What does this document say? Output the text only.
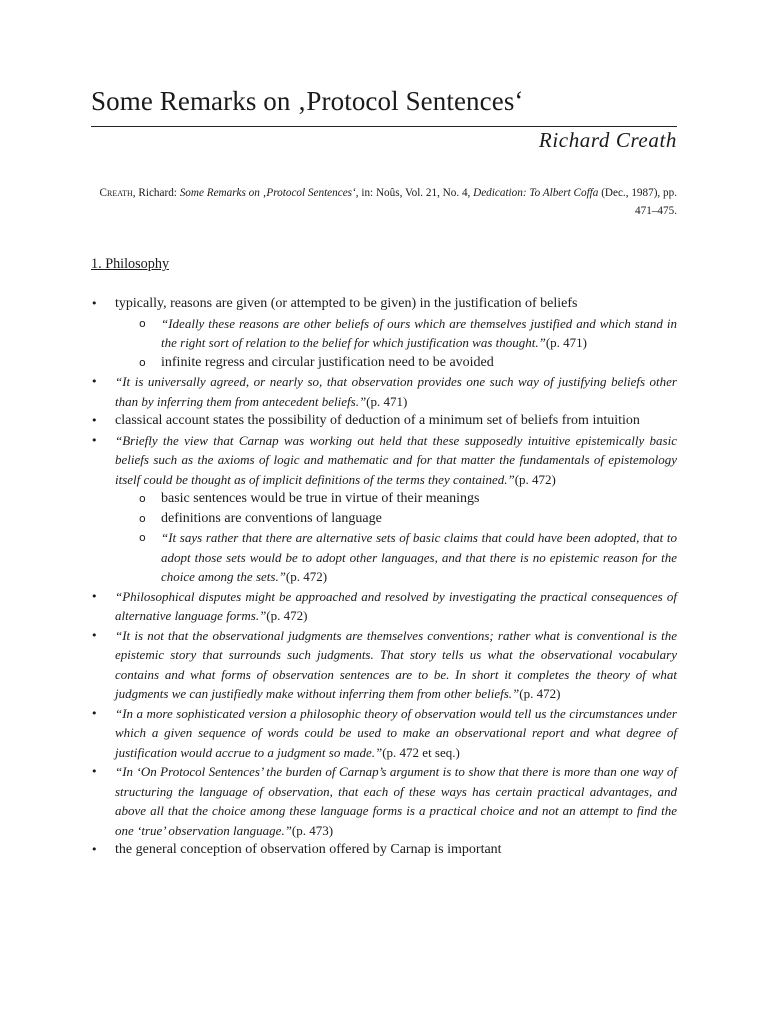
Some Remarks on ‚Protocol Sentences‘
Richard Creath
Creath, Richard: Some Remarks on ‚Protocol Sentences‘, in: Noûs, Vol. 21, No. 4, Dedication: To Albert Coffa (Dec., 1987), pp. 471–475.
1. Philosophy
• typically, reasons are given (or attempted to be given) in the justification of beliefs
o “Ideally these reasons are other beliefs of ours which are themselves justified and which stand in the right sort of relation to the belief for which justification was thought.”(p. 471)
o infinite regress and circular justification need to be avoided
• “It is universally agreed, or nearly so, that observation provides one such way of justifying beliefs other than by inferring them from antecedent beliefs.”(p. 471)
• classical account states the possibility of deduction of a minimum set of beliefs from intuition
• “Briefly the view that Carnap was working out held that these supposedly intuitive epistemically basic beliefs such as the axioms of logic and mathematic and for that matter the fundamentals of epistemology itself could be thought as of implicit definitions of the terms they contained.”(p. 472)
o basic sentences would be true in virtue of their meanings
o definitions are conventions of language
o “It says rather that there are alternative sets of basic claims that could have been adopted, that to adopt those sets would be to adopt other languages, and that there is no epistemic reason for the choice among the sets.”(p. 472)
• “Philosophical disputes might be approached and resolved by investigating the practical consequences of alternative language forms.”(p. 472)
• “It is not that the observational judgments are themselves conventions; rather what is conventional is the epistemic story that surrounds such judgments. That story tells us what the observational vocabulary contains and what forms of observation sentences are to be. In short it completes the theory of what judgments we can justifiedly make without inferring them from other beliefs.”(p. 472)
• “In a more sophisticated version a philosophic theory of observation would tell us the circumstances under which a given sequence of words could be used to make an observational report and what degree of justification would accrue to a judgment so made.”(p. 472 et seq.)
• “In ‘On Protocol Sentences’ the burden of Carnap’s argument is to show that there is more than one way of structuring the language of observation, that each of these ways has certain practical advantages, and above all that the choice among these language forms is a practical choice and not an attempt to find the one ‘true’ observation language.”(p. 473)
• the general conception of observation offered by Carnap is important
